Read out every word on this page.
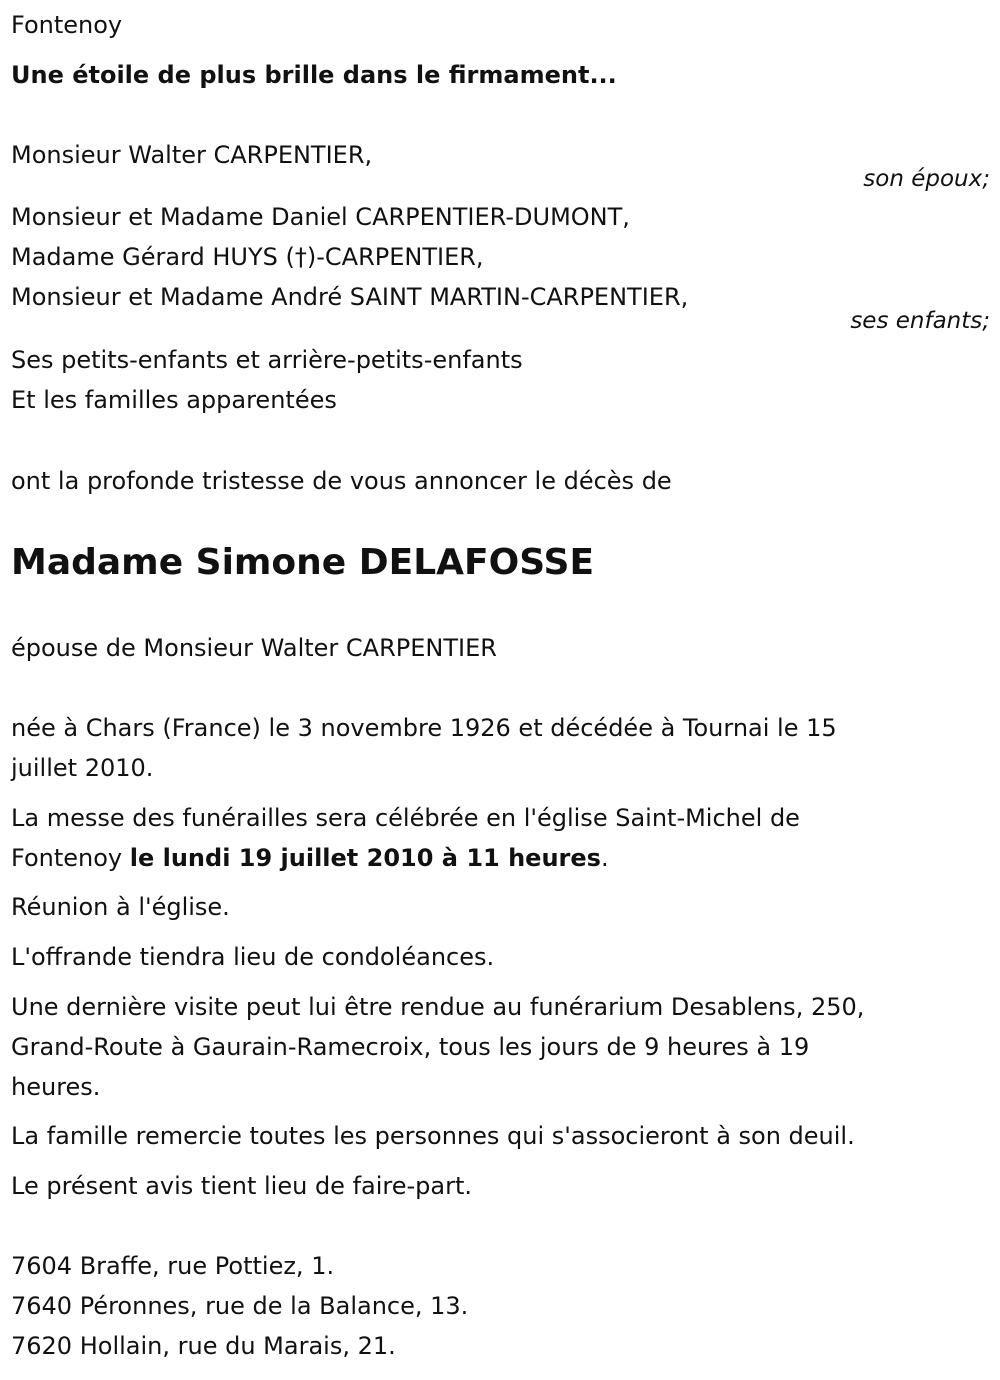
Fontenoy
Une étoile de plus brille dans le firmament...
Monsieur Walter CARPENTIER,
son époux;
Monsieur et Madame Daniel CARPENTIER-DUMONT,
Madame Gérard HUYS (†)-CARPENTIER,
Monsieur et Madame André SAINT MARTIN-CARPENTIER,
ses enfants;
Ses petits-enfants et arrière-petits-enfants
Et les familles apparentées
ont la profonde tristesse de vous annoncer le décès de
Madame Simone DELAFOSSE
épouse de Monsieur Walter CARPENTIER
née à Chars (France) le 3 novembre 1926 et décédée à Tournai le 15
juillet 2010.
La messe des funérailles sera célébrée en l'église Saint-Michel de
Fontenoy le lundi 19 juillet 2010 à 11 heures.
Réunion à l'église.
L'offrande tiendra lieu de condoléances.
Une dernière visite peut lui être rendue au funérarium Desablens, 250,
Grand-Route à Gaurain-Ramecroix, tous les jours de 9 heures à 19
heures.
La famille remercie toutes les personnes qui s'associeront à son deuil.
Le présent avis tient lieu de faire-part.
7604 Braffe, rue Pottiez, 1.
7640 Péronnes, rue de la Balance, 13.
7620 Hollain, rue du Marais, 21.
